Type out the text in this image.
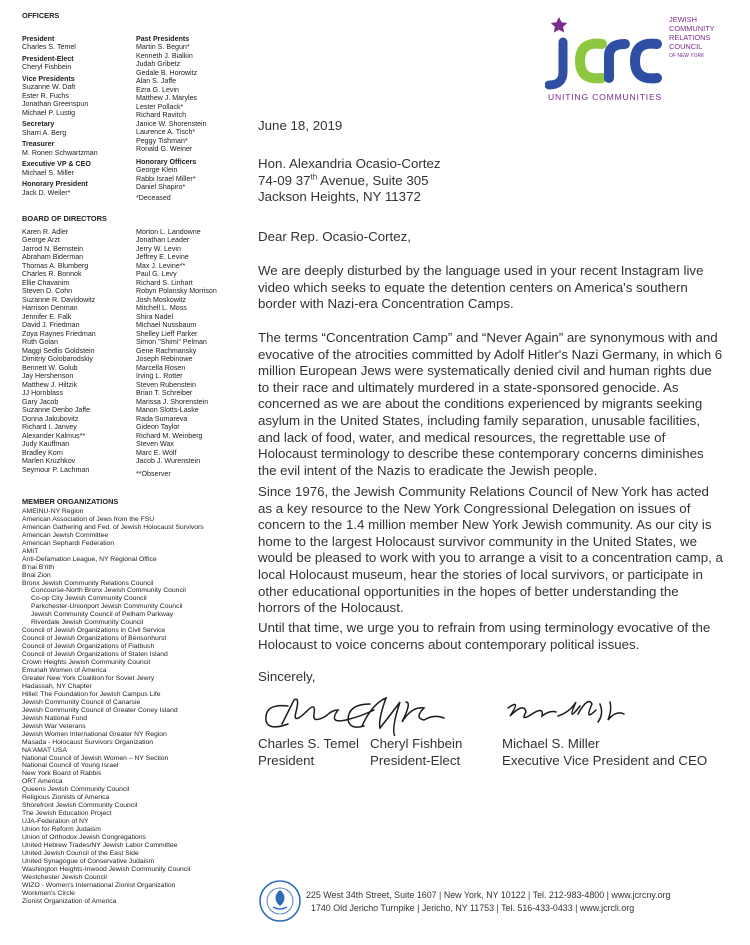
OFFICERS
President
Charles S. Temel
President-Elect
Cheryl Fishbein
Vice Presidents
Suzanne W. Daft
Ester R. Fuchs
Jonathan Greenspun
Michael P. Lustig
Secretary
Sharri A. Berg
Treasurer
M. Ronen Schwartzman
Executive VP & CEO
Michael S. Miller
Honorary President
Jack D. Weiler*
Past Presidents
Martin S. Begun*
Kenneth J. Bialkin
Judah Gribetz
Gedale B. Horowitz
Alan S. Jaffe
Ezra G. Levin
Matthew J. Maryles
Lester Pollack*
Richard Ravitch
Janice W. Shorenstein
Laurence A. Tisch*
Peggy Tishman*
Ronald G. Weiner
Honorary Officers
George Klein
Rabbi Israel Miller*
Daniel Shapiro*
*Deceased
BOARD OF DIRECTORS
Karen R. Adler
George Arzt
Jarrod N. Bernstein
Abraham Biderman
Thomas A. Blumberg
Charles R. Bonnok
Ellie Chavanim
Steven D. Cohn
Suzanne R. Davidowitz
Harrison Denman
Jennifer E. Falk
David J. Friedman
Zoya Raynes Friedman
Ruth Golan
Maggi Sedlis Goldstein
Dimitriy Golobarodskiy
Bennett W. Golub
Jay Hershenson
Matthew J. Hiltzik
JJ Hornblass
Gary Jacob
Suzanne Denbo Jaffe
Donna Jakubovitz
Richard I. Janvey
Alexander Kalmus**
Judy Kauffman
Bradley Korn
Marlen Kruzhkov
Seymour P. Lachman
Morton L. Landowne
Jonathan Leader
Jerry W. Levin
Jeffrey E. Levine
Max J. Levine**
Paul G. Levy
Richard S. Linhart
Robyn Polansky Morrison
Josh Moskowitz
Mitchell L. Moss
Shira Nadel
Michael Nussbaum
Shelley Lieff Parker
Simon "Shimi" Pelman
Gene Rachmansky
Joseph Rebinowe
Marcella Rosen
Irving L. Rotter
Steven Rubenstein
Brian T. Schreiber
Marissa J. Shorenstein
Manon Slotts-Laske
Rada Sumareva
Gideon Taylor
Richard M. Weinberg
Steven Wax
Marc E. Wolf
Jacob J. Wurenstein
**Observer
MEMBER ORGANIZATIONS
AMEINU-NY Region
American Association of Jews from the FSU
American Gathering and Fed. of Jewish Holocaust Survivors
American Jewish Committee
American Sephardi Federation
AMIT
Anti-Defamation League, NY Regional Office
B'nai B'rith
Bnai Zion
Bronx Jewish Community Relations Council
Concourse-North Bronx Jewish Community Council
Co-op City Jewish Community Council
Parkchester-Unionport Jewish Community Council
Jewish Community Council of Pelham Parkway
Riverdale Jewish Community Council
Council of Jewish Organizations in Civil Service
Council of Jewish Organizations of Bensonhurst
Council of Jewish Organizations of Flatbush
Council of Jewish Organizations of Staten Island
Crown Heights Jewish Community Council
Emunah Women of America
Greater New York Coalition for Soviet Jewry
Hadassah, NY Chapter
Hillel: The Foundation for Jewish Campus Life
Jewish Community Council of Canarsie
Jewish Community Council of Greater Coney Island
Jewish National Fund
Jewish War Veterans
Jewish Women International Greater NY Region
Masada - Holocaust Survivors Organization
NA'AMAT USA
National Council of Jewish Women – NY Section
National Council of Young Israel
New York Board of Rabbis
ORT America
Queens Jewish Community Council
Religious Zionists of America
Shorefront Jewish Community Council
The Jewish Education Project
UJA-Federation of NY
Union for Reform Judaism
Union of Orthodox Jewish Congregations
United Hebrew Trades/NY Jewish Labor Committee
United Jewish Council of the East Side
United Synagogue of Conservative Judaism
Washington Heights-Inwood Jewish Community Council
Westchester Jewish Council
WIZO - Women's International Zionist Organization
Workmen's Circle
Zionist Organization of America
JEWISH
COMMUNITY
RELATIONS
COUNCIL
OF NEW YORK
UNITING COMMUNITIES
June 18, 2019
Hon. Alexandria Ocasio-Cortez
74-09 37th Avenue, Suite 305
Jackson Heights, NY 11372
Dear Rep. Ocasio-Cortez,

We are deeply disturbed by the language used in your recent Instagram live video which seeks to equate the detention centers on America's southern border with Nazi-era Concentration Camps.

The terms “Concentration Camp” and “Never Again” are synonymous with and evocative of the atrocities committed by Adolf Hitler's Nazi Germany, in which 6 million European Jews were systematically denied civil and human rights due to their race and ultimately murdered in a state-sponsored genocide. As concerned as we are about the conditions experienced by migrants seeking asylum in the United States, including family separation, unusable facilities, and lack of food, water, and medical resources, the regrettable use of Holocaust terminology to describe these contemporary concerns diminishes the evil intent of the Nazis to eradicate the Jewish people.

Since 1976, the Jewish Community Relations Council of New York has acted as a key resource to the New York Congressional Delegation on issues of concern to the 1.4 million member New York Jewish community. As our city is home to the largest Holocaust survivor community in the United States, we would be pleased to work with you to arrange a visit to a concentration camp, a local Holocaust museum, hear the stories of local survivors, or participate in other educational opportunities in the hopes of better understanding the horrors of the Holocaust.

Until that time, we urge you to refrain from using terminology evocative of the Holocaust to voice concerns about contemporary political issues.

Sincerely,
Charles S. Temel
President
Cheryl Fishbein
President-Elect
Michael S. Miller
Executive Vice President and CEO
225 West 34th Street, Suite 1607 | New York, NY 10122 | Tel. 212-983-4800 | www.jcrcny.org
1740 Old Jericho Turnpike | Jericho, NY 11753 | Tel. 516-433-0433 | www.jcrcli.org
